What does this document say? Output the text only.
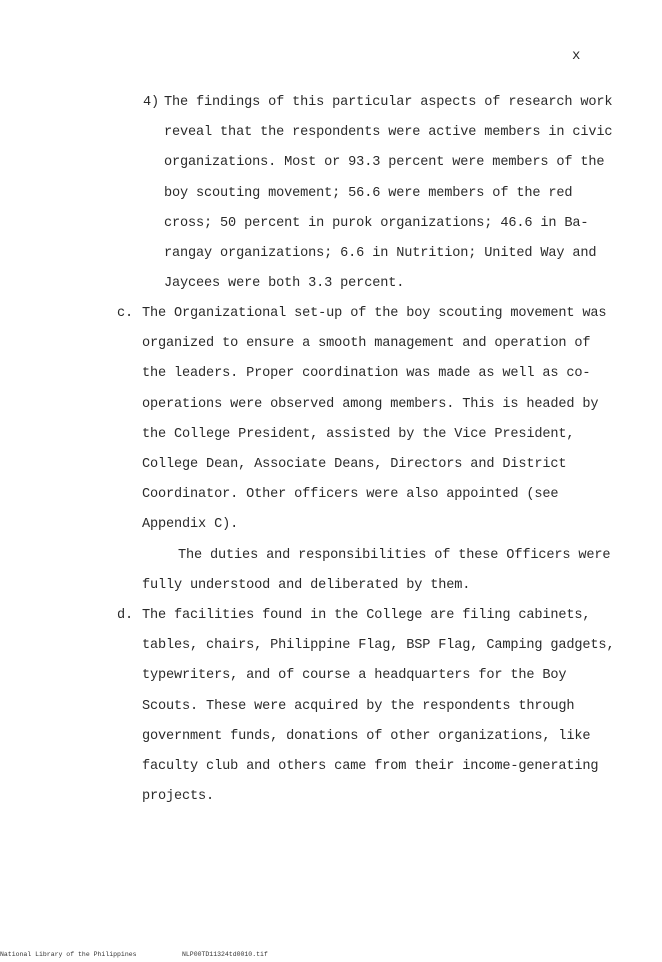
x
4) The findings of this particular aspects of research work
reveal that the respondents were active members in civic
organizations. Most or 93.3 percent were members of the
boy scouting movement; 56.6 were members of the red
cross; 50 percent in purok organizations; 46.6 in Ba-
rangay organizations; 6.6 in Nutrition; United Way and
Jaycees were both 3.3 percent.
c. The Organizational set-up of the boy scouting movement was
organized to ensure a smooth management and operation of
the leaders. Proper coordination was made as well as co-
operations were observed among members. This is headed by
the College President, assisted by the Vice President,
College Dean, Associate Deans, Directors and District
Coordinator. Other officers were also appointed (see
Appendix C).
The duties and responsibilities of these Officers were
fully understood and deliberated by them.
d. The facilities found in the College are filing cabinets,
tables, chairs, Philippine Flag, BSP Flag, Camping gadgets,
typewriters, and of course a headquarters for the Boy
Scouts. These were acquired by the respondents through
government funds, donations of other organizations, like
faculty club and others came from their income-generating
projects.
National Library of the Philippines	NLP00TD11324td0010.tif
